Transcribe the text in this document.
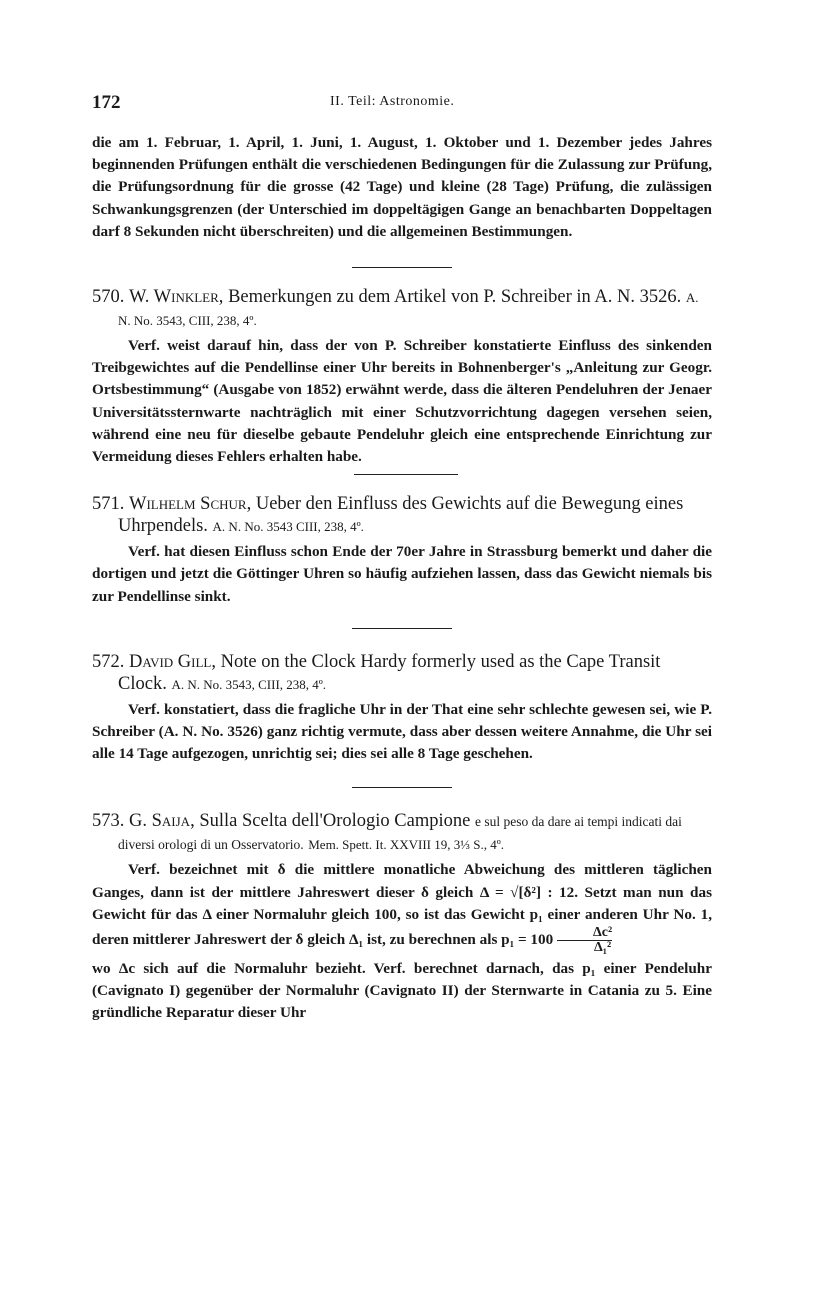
172	II. Teil: Astronomie.

die am 1. Februar, 1. April, 1. Juni, 1. August, 1. Oktober und 1. Dezember jedes Jahres beginnenden Prüfungen enthält die verschiedenen Bedingungen für die Zulassung zur Prüfung, die Prüfungsordnung für die grosse (42 Tage) und kleine (28 Tage) Prüfung, die zulässigen Schwankungsgrenzen (der Unterschied im doppeltägigen Gange an benachbarten Doppeltagen darf 8 Sekunden nicht überschreiten) und die allgemeinen Bestimmungen.

570. W. Winkler, Bemerkungen zu dem Artikel von P. Schreiber in A. N. 3526. A. N. No. 3543, CIII, 238, 4º.

Verf. weist darauf hin, dass der von P. Schreiber konstatierte Einfluss des sinkenden Treibgewichtes auf die Pendellinse einer Uhr bereits in Bohnenberger's „Anleitung zur Geogr. Ortsbestimmung“ (Ausgabe von 1852) erwähnt werde, dass die älteren Pendeluhren der Jenaer Universitätssternwarte nachträglich mit einer Schutzvorrichtung dagegen versehen seien, während eine neu für dieselbe gebaute Pendeluhr gleich eine entsprechende Einrichtung zur Vermeidung dieses Fehlers erhalten habe.

571. Wilhelm Schur, Ueber den Einfluss des Gewichts auf die Bewegung eines Uhrpendels. A. N. No. 3543 CIII, 238, 4º.

Verf. hat diesen Einfluss schon Ende der 70er Jahre in Strassburg bemerkt und daher die dortigen und jetzt die Göttinger Uhren so häufig aufziehen lassen, dass das Gewicht niemals bis zur Pendellinse sinkt.

572. David Gill, Note on the Clock Hardy formerly used as the Cape Transit Clock. A. N. No. 3543, CIII, 238, 4º.

Verf. konstatiert, dass die fragliche Uhr in der That eine sehr schlechte gewesen sei, wie P. Schreiber (A. N. No. 3526) ganz richtig vermute, dass aber dessen weitere Annahme, die Uhr sei alle 14 Tage aufgezogen, unrichtig sei; dies sei alle 8 Tage geschehen.

573. G. Saija, Sulla Scelta dell'Orologio Campione e sul peso da dare ai tempi indicati dai diversi orologi di un Osservatorio. Mem. Spett. It. XXVIII 19, 3⅓ S., 4º.

Verf. bezeichnet mit δ die mittlere monatliche Abweichung des mittleren täglichen Ganges, dann ist der mittlere Jahreswert dieser δ gleich Δ = √[δ²] : 12. Setzt man nun das Gewicht für das Δ einer Normaluhr gleich 100, so ist das Gewicht p₁ einer anderen Uhr No. 1, deren mittlerer Jahreswert der δ gleich Δ₁ ist, zu berechnen als $p_1 = 100 \frac{\text{Δc²}}{\text{Δ₁²}}$

wo Δc sich auf die Normaluhr bezieht. Verf. berechnet darnach, das p₁ einer Pendeluhr (Cavignato I) gegenüber der Normaluhr (Cavignato II) der Sternwarte in Catania zu 5. Eine gründliche Reparatur dieser Uhr
